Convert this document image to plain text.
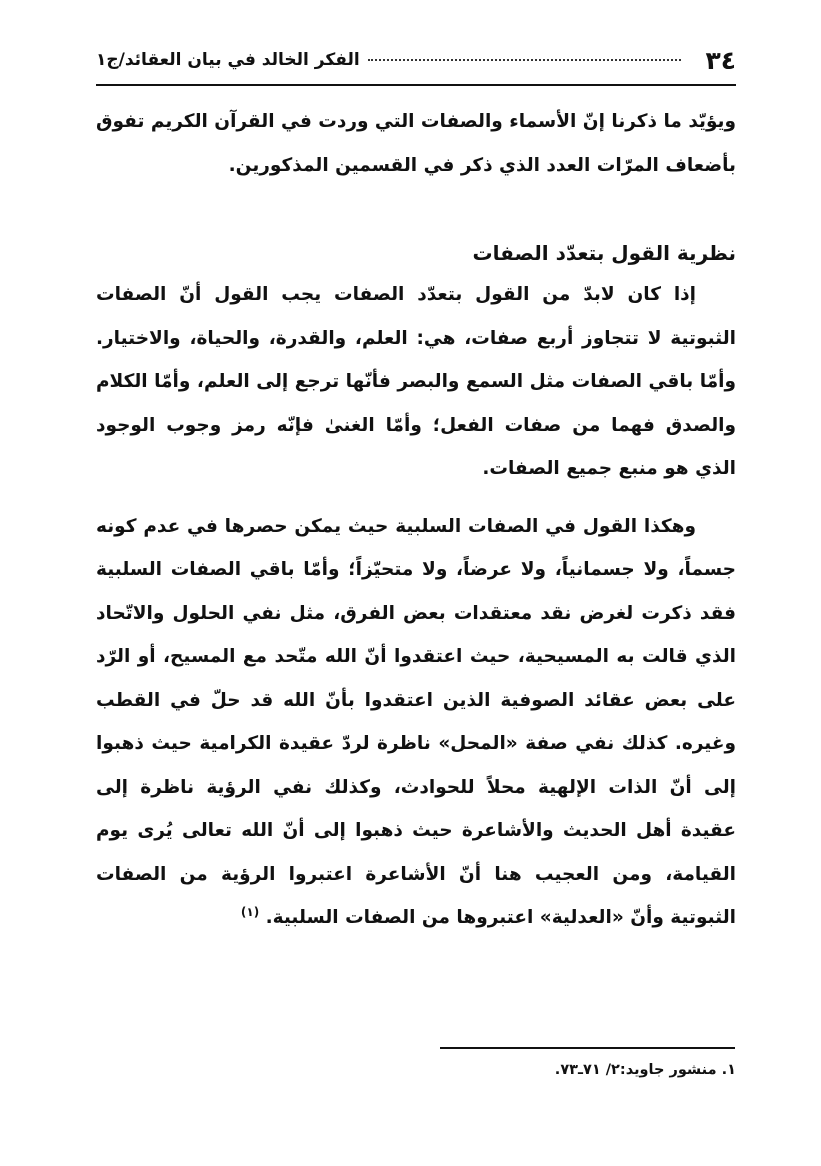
٣٤
الفكر الخالد في بيان العقائد/ج١

ويؤيّد ما ذكرنا إنّ الأسماء والصفات التي وردت في القرآن الكريم تفوق بأضعاف المرّات العدد الذي ذكر في القسمين المذكورين.

نظرية القول بتعدّد الصفات

إذا كان لابدّ من القول بتعدّد الصفات يجب القول أنّ الصفات الثبوتية لا تتجاوز أربع صفات، هي: العلم، والقدرة، والحياة، والاختيار. وأمّا باقي الصفات مثل السمع والبصر فأنّها ترجع إلى العلم، وأمّا الكلام والصدق فهما من صفات الفعل؛ وأمّا الغنىٰ فإنّه رمز وجوب الوجود الذي هو منبع جميع الصفات.

وهكذا القول في الصفات السلبية حيث يمكن حصرها في عدم كونه جسماً، ولا جسمانياً، ولا عرضاً، ولا متحيّزاً؛ وأمّا باقي الصفات السلبية فقد ذكرت لغرض نقد معتقدات بعض الفرق، مثل نفي الحلول والاتّحاد الذي قالت به المسيحية، حيث اعتقدوا أنّ الله متّحد مع المسيح، أو الرّد على بعض عقائد الصوفية الذين اعتقدوا بأنّ الله قد حلّ في القطب وغيره. كذلك نفي صفة «المحل» ناظرة لردّ عقيدة الكرامية حيث ذهبوا إلى أنّ الذات الإلهية محلاً للحوادث، وكذلك نفي الرؤية ناظرة إلى عقيدة أهل الحديث والأشاعرة حيث ذهبوا إلى أنّ الله تعالى يُرى يوم القيامة، ومن العجيب هنا أنّ الأشاعرة اعتبروا الرؤية من الصفات الثبوتية وأنّ «العدلية» اعتبروها من الصفات السلبية. $^{(١)}$

١. منشور جاويد:٢/ ٧١ـ٧٣.
